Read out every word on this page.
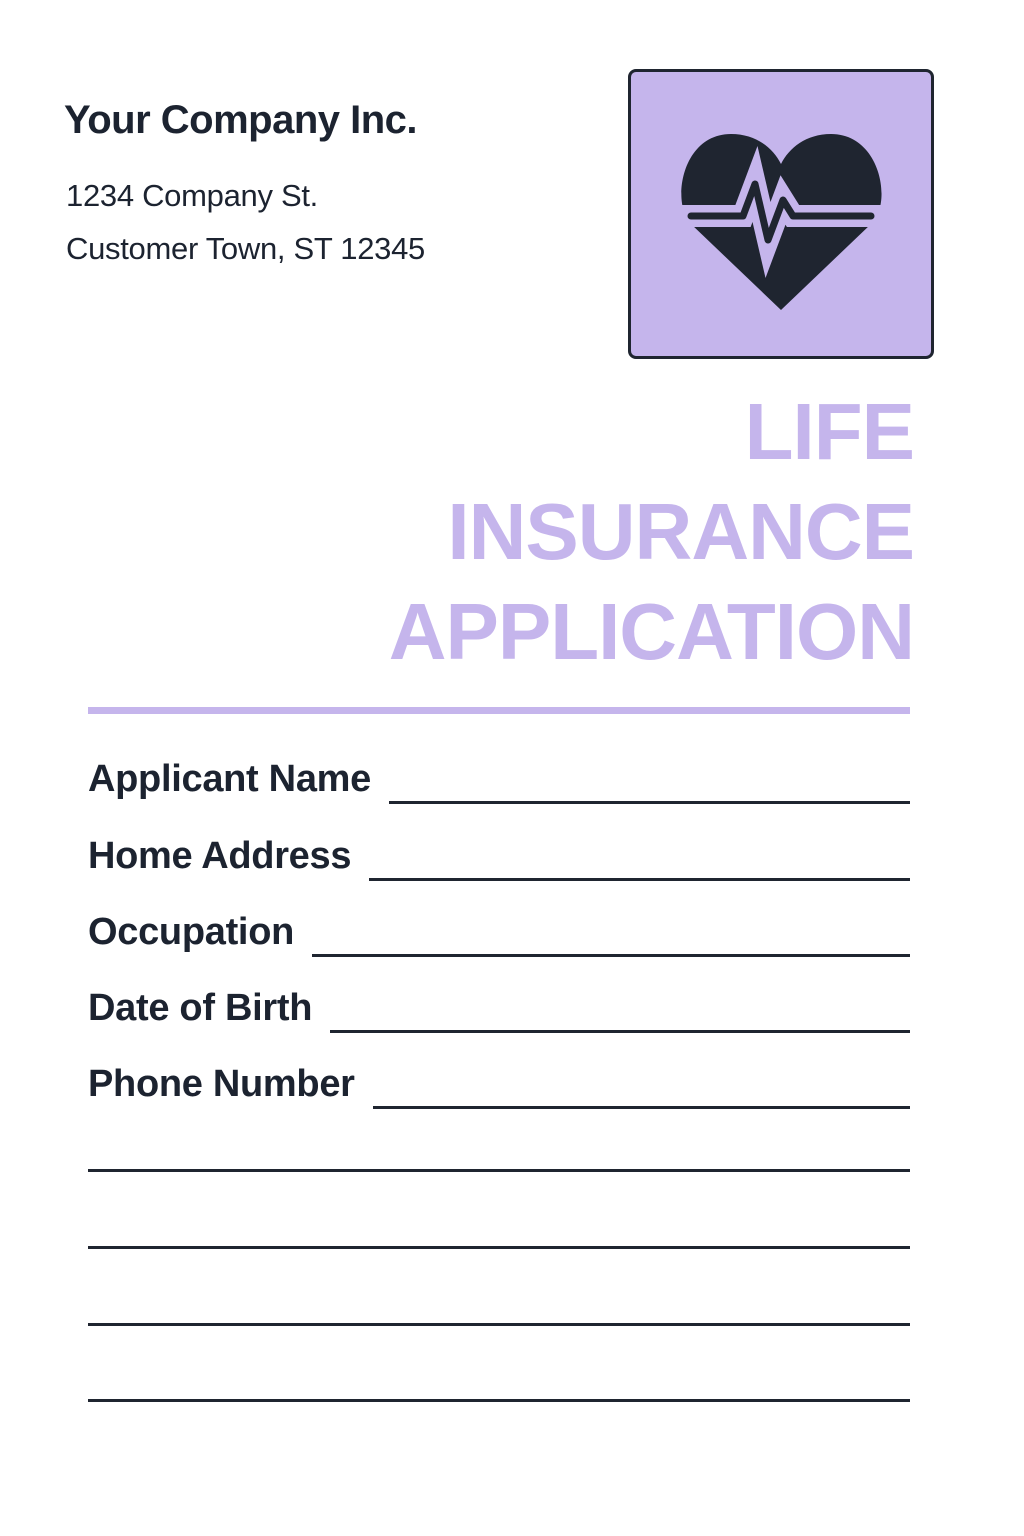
Your Company Inc.
1234 Company St.
Customer Town, ST 12345
LIFE
INSURANCE
APPLICATION
Applicant Name
Home Address
Occupation
Date of Birth
Phone Number
